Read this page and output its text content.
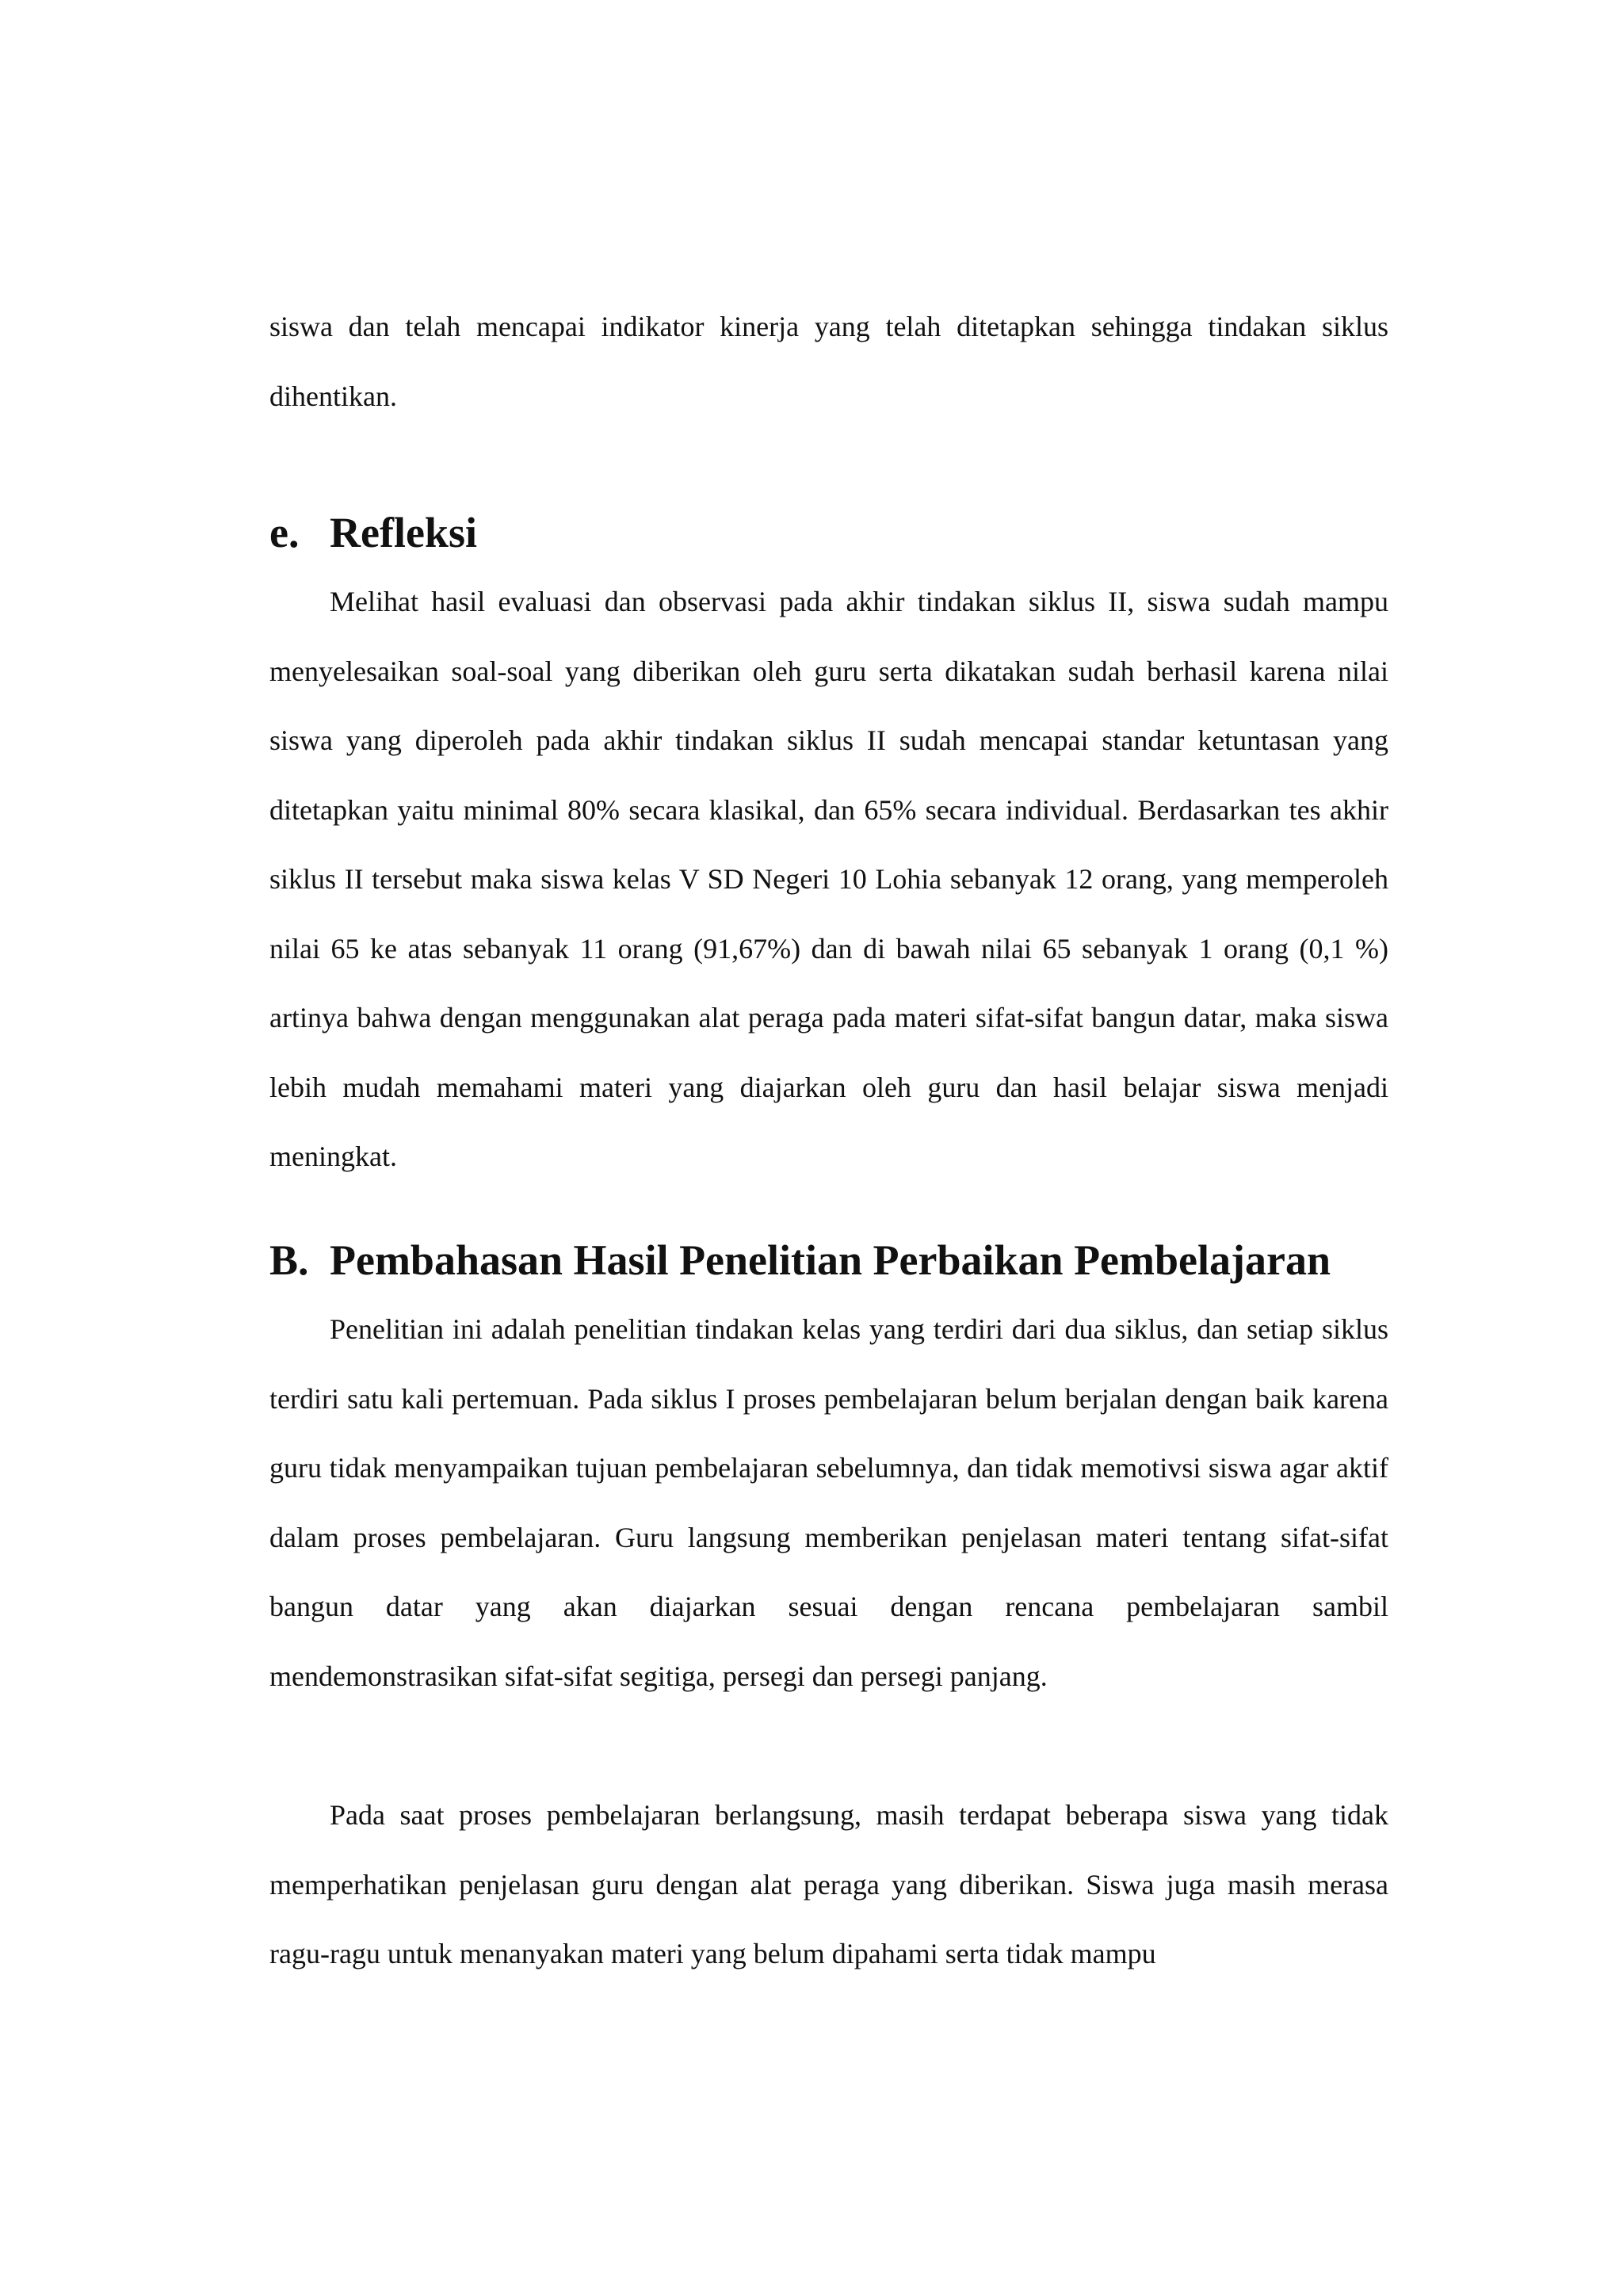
siswa dan telah mencapai indikator kinerja yang telah ditetapkan sehingga tindakan siklus dihentikan.

e. Refleksi

Melihat hasil evaluasi dan observasi pada akhir tindakan siklus II, siswa sudah mampu menyelesaikan soal-soal yang diberikan oleh guru serta dikatakan sudah berhasil karena nilai siswa yang diperoleh pada akhir tindakan siklus II sudah mencapai standar ketuntasan yang ditetapkan yaitu minimal 80% secara klasikal, dan 65% secara individual. Berdasarkan tes akhir siklus II tersebut maka siswa kelas V SD Negeri 10 Lohia sebanyak 12 orang, yang memperoleh nilai 65 ke atas sebanyak 11 orang (91,67%) dan di bawah nilai 65 sebanyak 1 orang (0,1 %) artinya bahwa dengan menggunakan alat peraga pada materi sifat-sifat bangun datar, maka siswa lebih mudah memahami materi yang diajarkan oleh guru dan hasil belajar siswa menjadi meningkat.

B. Pembahasan Hasil Penelitian Perbaikan Pembelajaran

Penelitian ini adalah penelitian tindakan kelas yang terdiri dari dua siklus, dan setiap siklus terdiri satu kali pertemuan. Pada siklus I proses pembelajaran belum berjalan dengan baik karena guru tidak menyampaikan tujuan pembelajaran sebelumnya, dan tidak memotivsi siswa agar aktif dalam proses pembelajaran. Guru langsung memberikan penjelasan materi tentang sifat-sifat bangun datar yang akan diajarkan sesuai dengan rencana pembelajaran sambil mendemonstrasikan sifat-sifat segitiga, persegi dan persegi panjang.

Pada saat proses pembelajaran berlangsung, masih terdapat beberapa siswa yang tidak memperhatikan penjelasan guru dengan alat peraga yang diberikan. Siswa juga masih merasa ragu-ragu untuk menanyakan materi yang belum dipahami serta tidak mampu
